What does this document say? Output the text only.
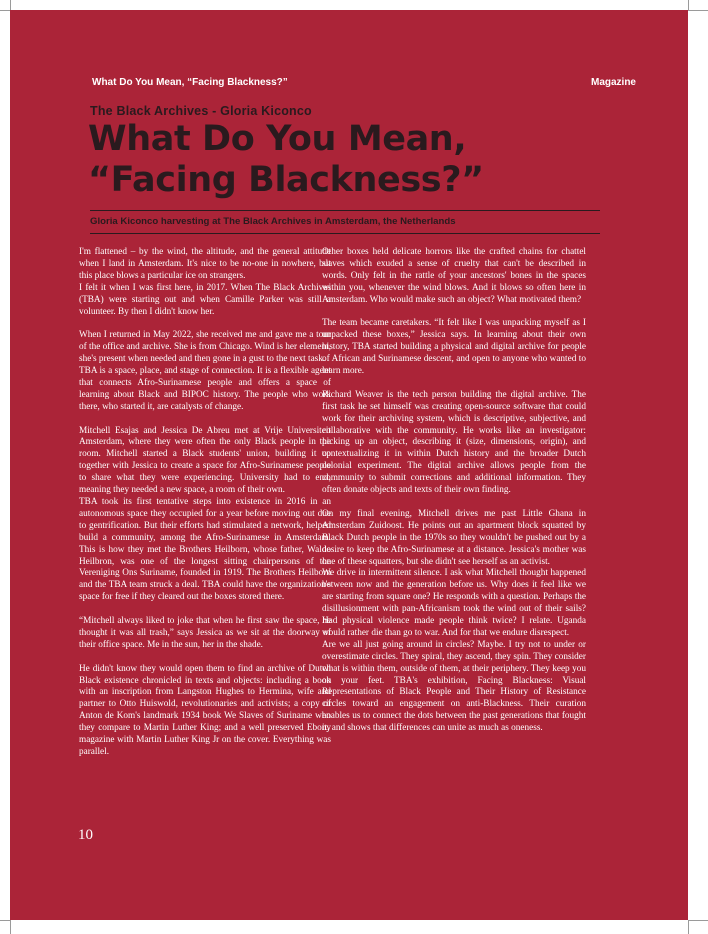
What Do You Mean, “Facing Blackness?”	Magazine
The Black Archives - Gloria Kiconco
What Do You Mean,
“Facing Blackness?”
Gloria Kiconco harvesting at The Black Archives in Amsterdam, the Netherlands

I'm flattened – by the wind, the altitude, and the general attitude when I land in Amsterdam. It's nice to be no-one in nowhere, but this place blows a particular ice on strangers.

I felt it when I was first here, in 2017. When The Black Archives (TBA) were starting out and when Camille Parker was still a volunteer. By then I didn't know her.

When I returned in May 2022, she received me and gave me a tour of the office and archive. She is from Chicago. Wind is her element, she's present when needed and then gone in a gust to the next task.

TBA is a space, place, and stage of connection. It is a flexible agent that connects Afro-Surinamese people and offers a space of learning about Black and BIPOC history. The people who work there, who started it, are catalysts of change.

Mitchell Esajas and Jessica De Abreu met at Vrije Universiteit Amsterdam, where they were often the only Black people in the room. Mitchell started a Black students' union, building it up together with Jessica to create a space for Afro-Surinamese people to share what they were experiencing. University had to end, meaning they needed a new space, a room of their own.

TBA took its first tentative steps into existence in 2016 in an autonomous space they occupied for a year before moving out due to gentrification. But their efforts had stimulated a network, helped build a community, among the Afro-Surinamese in Amsterdam. This is how they met the Brothers Heilborn, whose father, Waldo Heilbron, was one of the longest sitting chairpersons of the Vereniging Ons Suriname, founded in 1919. The Brothers Heilborn and the TBA team struck a deal. TBA could have the organization's space for free if they cleared out the boxes stored there.

“Mitchell always liked to joke that when he first saw the space, he thought it was all trash,” says Jessica as we sit at the doorway of their office space. Me in the sun, her in the shade.

He didn't know they would open them to find an archive of Dutch Black existence chronicled in texts and objects: including a book with an inscription from Langston Hughes to Hermina, wife and partner to Otto Huiswold, revolutionaries and activists; a copy of Anton de Kom's landmark 1934 book We Slaves of Suriname who they compare to Martin Luther King; and a well preserved Ebony magazine with Martin Luther King Jr on the cover. Everything was parallel.

Other boxes held delicate horrors like the crafted chains for chattel slaves which exuded a sense of cruelty that can't be described in words. Only felt in the rattle of your ancestors' bones in the spaces within you, whenever the wind blows. And it blows so often here in Amsterdam. Who would make such an object? What motivated them?

The team became caretakers. “It felt like I was unpacking myself as I unpacked these boxes,” Jessica says. In learning about their own history, TBA started building a physical and digital archive for people of African and Surinamese descent, and open to anyone who wanted to learn more.

Richard Weaver is the tech person building the digital archive. The first task he set himself was creating open-source software that could work for their archiving system, which is descriptive, subjective, and collaborative with the community. He works like an investigator: picking up an object, describing it (size, dimensions, origin), and contextualizing it in within Dutch history and the broader Dutch colonial experiment. The digital archive allows people from the community to submit corrections and additional information. They often donate objects and texts of their own finding.

On my final evening, Mitchell drives me past Little Ghana in Amsterdam Zuidoost. He points out an apartment block squatted by Black Dutch people in the 1970s so they wouldn't be pushed out by a desire to keep the Afro-Surinamese at a distance. Jessica's mother was one of these squatters, but she didn't see herself as an activist.

We drive in intermittent silence. I ask what Mitchell thought happened between now and the generation before us. Why does it feel like we are starting from square one? He responds with a question. Perhaps the disillusionment with pan-Africanism took the wind out of their sails? Had physical violence made people think twice? I relate. Uganda would rather die than go to war. And for that we endure disrespect.

Are we all just going around in circles? Maybe. I try not to under or overestimate circles. They spiral, they ascend, they spin. They consider what is within them, outside of them, at their periphery. They keep you on your feet. TBA's exhibition, Facing Blackness: Visual Representations of Black People and Their History of Resistance circles toward an engagement on anti-Blackness. Their curation enables us to connect the dots between the past generations that fought it, and shows that differences can unite as much as oneness.

10
